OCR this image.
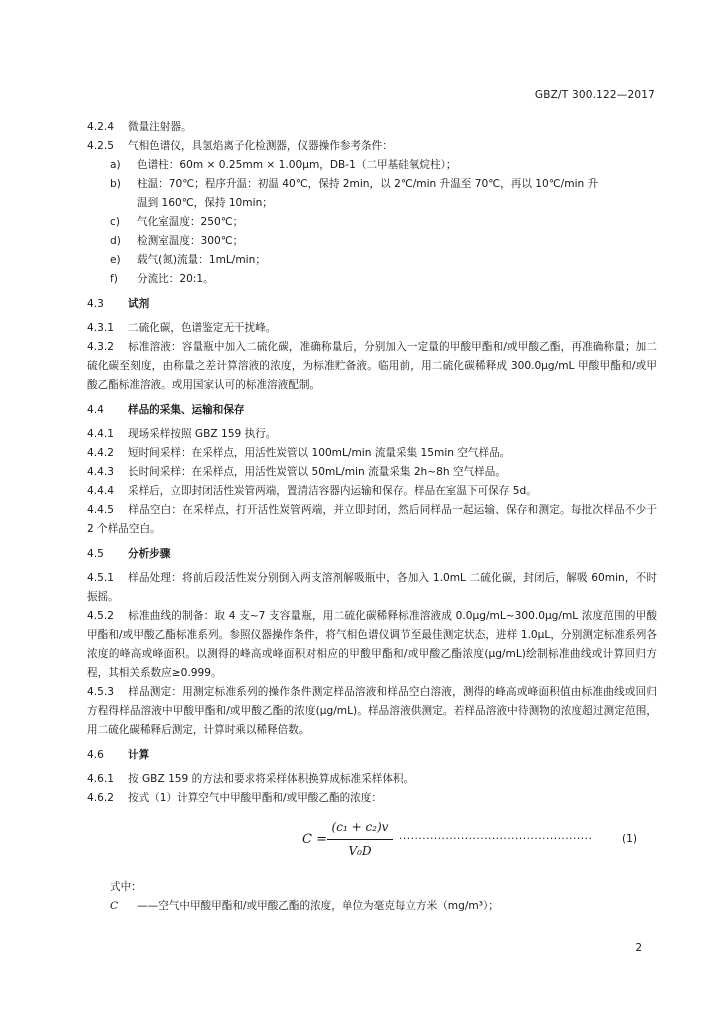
GBZ/T 300.122—2017
4.2.4 微量注射器。
4.2.5 气相色谱仪，具氢焰离子化检测器，仪器操作参考条件：
a)	色谱柱：60m × 0.25mm × 1.00μm，DB-1（二甲基硅氧烷柱）；
b)	柱温：70℃；程序升温：初温 40℃，保持 2min，以 2℃/min 升温至 70℃，再以 10℃/min 升
温到 160℃，保持 10min；
c)	气化室温度：250℃；
d)	检测室温度：300℃；
e)	载气(氮)流量：1mL/min；
f)	分流比：20:1。
4.3 试剂
4.3.1 二硫化碳，色谱鉴定无干扰峰。
4.3.2 标准溶液：容量瓶中加入二硫化碳，准确称量后，分别加入一定量的甲酸甲酯和/或甲酸乙酯，再准确称量；加二硫化碳至刻度，由称量之差计算溶液的浓度，为标准贮备液。临用前，用二硫化碳稀释成 300.0μg/mL 甲酸甲酯和/或甲酸乙酯标准溶液。或用国家认可的标准溶液配制。
4.4 样品的采集、运输和保存
4.4.1 现场采样按照 GBZ 159 执行。
4.4.2 短时间采样：在采样点，用活性炭管以 100mL/min 流量采集 15min 空气样品。
4.4.3 长时间采样：在采样点，用活性炭管以 50mL/min 流量采集 2h~8h 空气样品。
4.4.4 采样后，立即封闭活性炭管两端，置清洁容器内运输和保存。样品在室温下可保存 5d。
4.4.5 样品空白：在采样点，打开活性炭管两端，并立即封闭，然后同样品一起运输、保存和测定。每批次样品不少于 2 个样品空白。
4.5 分析步骤
4.5.1 样品处理：将前后段活性炭分别倒入两支溶剂解吸瓶中，各加入 1.0mL 二硫化碳，封闭后，解吸 60min，不时振摇。
4.5.2 标准曲线的制备：取 4 支~7 支容量瓶，用二硫化碳稀释标准溶液成 0.0μg/mL~300.0μg/mL 浓度范围的甲酸甲酯和/或甲酸乙酯标准系列。参照仪器操作条件，将气相色谱仪调节至最佳测定状态，进样 1.0μL，分别测定标准系列各浓度的峰高或峰面积。以测得的峰高或峰面积对相应的甲酸甲酯和/或甲酸乙酯浓度(μg/mL)绘制标准曲线或计算回归方程，其相关系数应≥0.999。
4.5.3 样品测定：用测定标准系列的操作条件测定样品溶液和样品空白溶液，测得的峰高或峰面积值由标准曲线或回归方程得样品溶液中甲酸甲酯和/或甲酸乙酯的浓度(μg/mL)。样品溶液供测定。若样品溶液中待测物的浓度超过测定范围，用二硫化碳稀释后测定，计算时乘以稀释倍数。
4.6 计算
4.6.1 按 GBZ 159 的方法和要求将采样体积换算成标准采样体积。
4.6.2 按式（1）计算空气中甲酸甲酯和/或甲酸乙酯的浓度：
$C = \frac{\text{(c₁ + c₂)v}}{\text{V₀D}}$ ··················································	(1)
式中：
C	——空气中甲酸甲酯和/或甲酸乙酯的浓度，单位为毫克每立方米（mg/m³）；
2
